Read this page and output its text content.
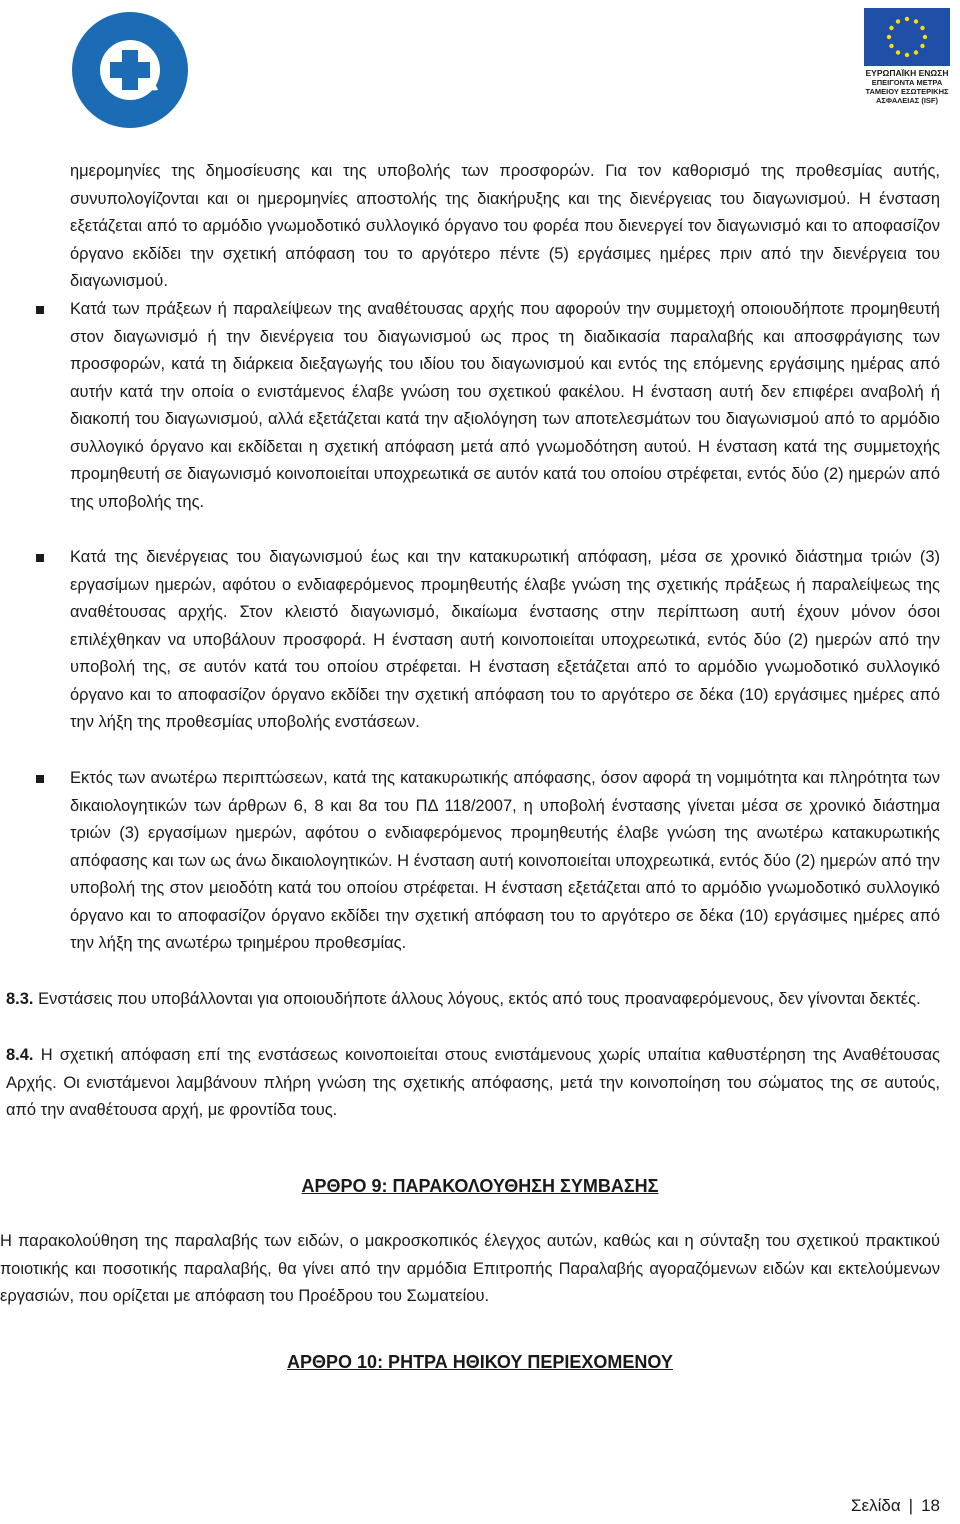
ΕΥΡΩΠΑΪΚΗ ΕΝΩΣΗ
ΕΠΕΙΓΟΝΤΑ ΜΕΤΡΑ
ΤΑΜΕΙΟΥ ΕΣΩΤΕΡΙΚΗΣ
ΑΣΦΑΛΕΙΑΣ (ISF)
ημερομηνίες της δημοσίευσης και της υποβολής των προσφορών. Για τον καθορισμό της προθεσμίας αυτής, συνυπολογίζονται και οι ημερομηνίες αποστολής της διακήρυξης και της διενέργειας του διαγωνισμού. Η ένσταση εξετάζεται από το αρμόδιο γνωμοδοτικό συλλογικό όργανο του φορέα που διενεργεί τον διαγωνισμό και το αποφασίζον όργανο εκδίδει την σχετική απόφαση του το αργότερο πέντε (5) εργάσιμες ημέρες πριν από την διενέργεια του διαγωνισμού.
Κατά των πράξεων ή παραλείψεων της αναθέτουσας αρχής που αφορούν την συμμετοχή οποιουδήποτε προμηθευτή στον διαγωνισμό ή την διενέργεια του διαγωνισμού ως προς τη διαδικασία παραλαβής και αποσφράγισης των προσφορών, κατά τη διάρκεια διεξαγωγής του ιδίου του διαγωνισμού και εντός της επόμενης εργάσιμης ημέρας από αυτήν κατά την οποία ο ενιστάμενος έλαβε γνώση του σχετικού φακέλου. Η ένσταση αυτή δεν επιφέρει αναβολή ή διακοπή του διαγωνισμού, αλλά εξετάζεται κατά την αξιολόγηση των αποτελεσμάτων του διαγωνισμού από το αρμόδιο συλλογικό όργανο και εκδίδεται η σχετική απόφαση μετά από γνωμοδότηση αυτού. Η ένσταση κατά της συμμετοχής προμηθευτή σε διαγωνισμό κοινοποιείται υποχρεωτικά σε αυτόν κατά του οποίου στρέφεται, εντός δύο (2) ημερών από της υποβολής της.
Κατά της διενέργειας του διαγωνισμού έως και την κατακυρωτική απόφαση, μέσα σε χρονικό διάστημα τριών (3) εργασίμων ημερών, αφότου ο ενδιαφερόμενος προμηθευτής έλαβε γνώση της σχετικής πράξεως ή παραλείψεως της αναθέτουσας αρχής. Στον κλειστό διαγωνισμό, δικαίωμα ένστασης στην περίπτωση αυτή έχουν μόνον όσοι επιλέχθηκαν να υποβάλουν προσφορά. Η ένσταση αυτή κοινοποιείται υποχρεωτικά, εντός δύο (2) ημερών από την υποβολή της, σε αυτόν κατά του οποίου στρέφεται. Η ένσταση εξετάζεται από το αρμόδιο γνωμοδοτικό συλλογικό όργανο και το αποφασίζον όργανο εκδίδει την σχετική απόφαση του το αργότερο σε δέκα (10) εργάσιμες ημέρες από την λήξη της προθεσμίας υποβολής ενστάσεων.
Εκτός των ανωτέρω περιπτώσεων, κατά της κατακυρωτικής απόφασης, όσον αφορά τη νομιμότητα και πληρότητα των δικαιολογητικών των άρθρων 6, 8 και 8α του ΠΔ 118/2007, η υποβολή ένστασης γίνεται μέσα σε χρονικό διάστημα τριών (3) εργασίμων ημερών, αφότου ο ενδιαφερόμενος προμηθευτής έλαβε γνώση της ανωτέρω κατακυρωτικής απόφασης και των ως άνω δικαιολογητικών. Η ένσταση αυτή κοινοποιείται υποχρεωτικά, εντός δύο (2) ημερών από την υποβολή της στον μειοδότη κατά του οποίου στρέφεται. Η ένσταση εξετάζεται από το αρμόδιο γνωμοδοτικό συλλογικό όργανο και το αποφασίζον όργανο εκδίδει την σχετική απόφαση του το αργότερο σε δέκα (10) εργάσιμες ημέρες από την λήξη της ανωτέρω τριημέρου προθεσμίας.
8.3. Ενστάσεις που υποβάλλονται για οποιουδήποτε άλλους λόγους, εκτός από τους προαναφερόμενους, δεν γίνονται δεκτές.
8.4. Η σχετική απόφαση επί της ενστάσεως κοινοποιείται στους ενιστάμενους χωρίς υπαίτια καθυστέρηση της Αναθέτουσας Αρχής. Οι ενιστάμενοι λαμβάνουν πλήρη γνώση της σχετικής απόφασης, μετά την κοινοποίηση του σώματος της σε αυτούς, από την αναθέτουσα αρχή, με φροντίδα τους.
ΑΡΘΡΟ 9: ΠΑΡΑΚΟΛΟΥΘΗΣΗ ΣΥΜΒΑΣΗΣ
Η παρακολούθηση της παραλαβής των ειδών, ο μακροσκοπικός έλεγχος αυτών, καθώς και η σύνταξη του σχετικού πρακτικού ποιοτικής και ποσοτικής παραλαβής, θα γίνει από την αρμόδια Επιτροπής Παραλαβής αγοραζόμενων ειδών και εκτελούμενων εργασιών, που ορίζεται με απόφαση του Προέδρου του Σωματείου.
ΑΡΘΡΟ 10: ΡΗΤΡΑ ΗΘΙΚΟΥ ΠΕΡΙΕΧΟΜΕΝΟΥ
Σελίδα | 18
